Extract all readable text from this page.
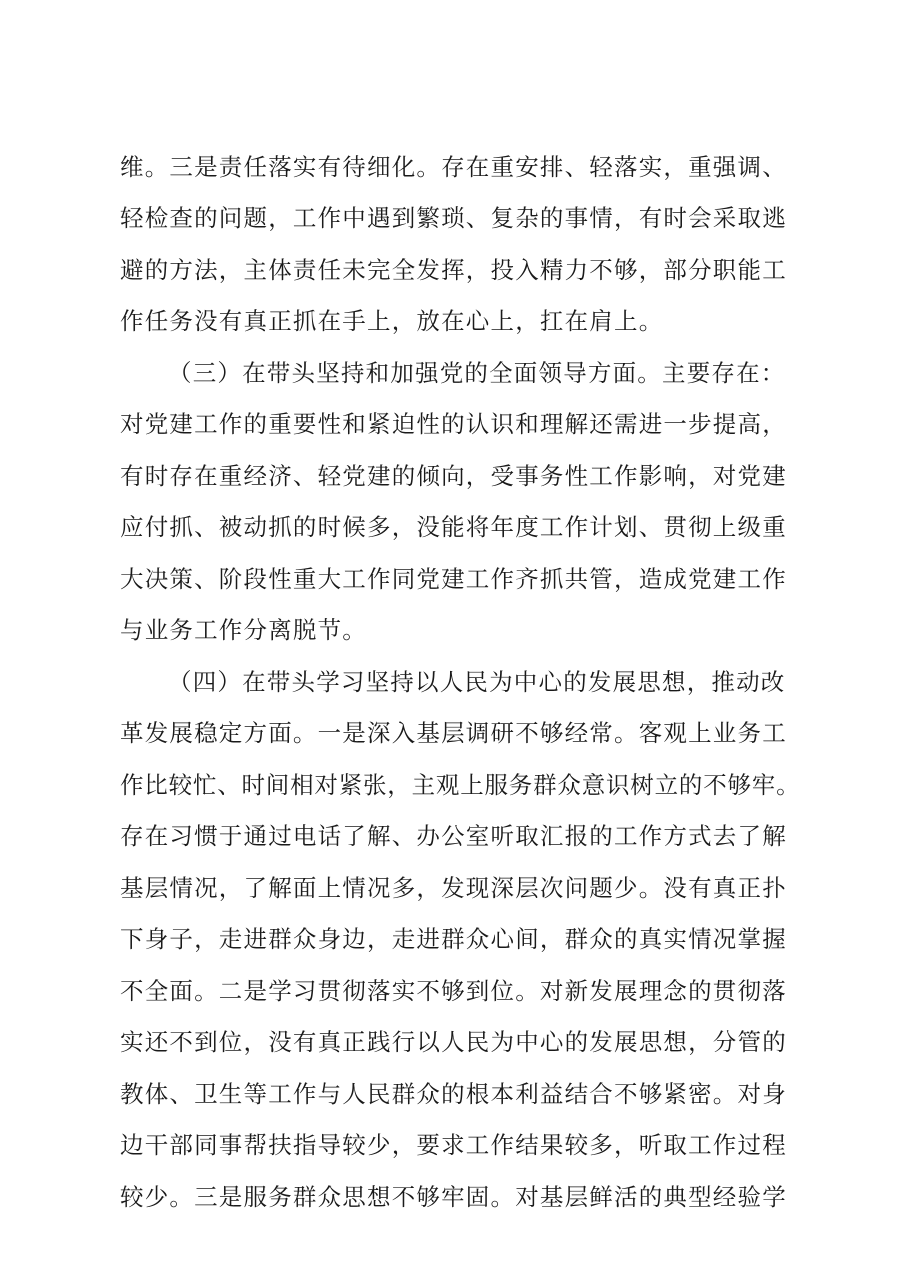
维。三是责任落实有待细化。存在重安排、轻落实，重强调、
轻检查的问题，工作中遇到繁琐、复杂的事情，有时会采取逃
避的方法，主体责任未完全发挥，投入精力不够，部分职能工
作任务没有真正抓在手上，放在心上，扛在肩上。
（三）在带头坚持和加强党的全面领导方面。主要存在：
对党建工作的重要性和紧迫性的认识和理解还需进一步提高，
有时存在重经济、轻党建的倾向，受事务性工作影响，对党建
应付抓、被动抓的时候多，没能将年度工作计划、贯彻上级重
大决策、阶段性重大工作同党建工作齐抓共管，造成党建工作
与业务工作分离脱节。
（四）在带头学习坚持以人民为中心的发展思想，推动改
革发展稳定方面。一是深入基层调研不够经常。客观上业务工
作比较忙、时间相对紧张，主观上服务群众意识树立的不够牢。
存在习惯于通过电话了解、办公室听取汇报的工作方式去了解
基层情况，了解面上情况多，发现深层次问题少。没有真正扑
下身子，走进群众身边，走进群众心间，群众的真实情况掌握
不全面。二是学习贯彻落实不够到位。对新发展理念的贯彻落
实还不到位，没有真正践行以人民为中心的发展思想，分管的
教体、卫生等工作与人民群众的根本利益结合不够紧密。对身
边干部同事帮扶指导较少，要求工作结果较多，听取工作过程
较少。三是服务群众思想不够牢固。对基层鲜活的典型经验学
